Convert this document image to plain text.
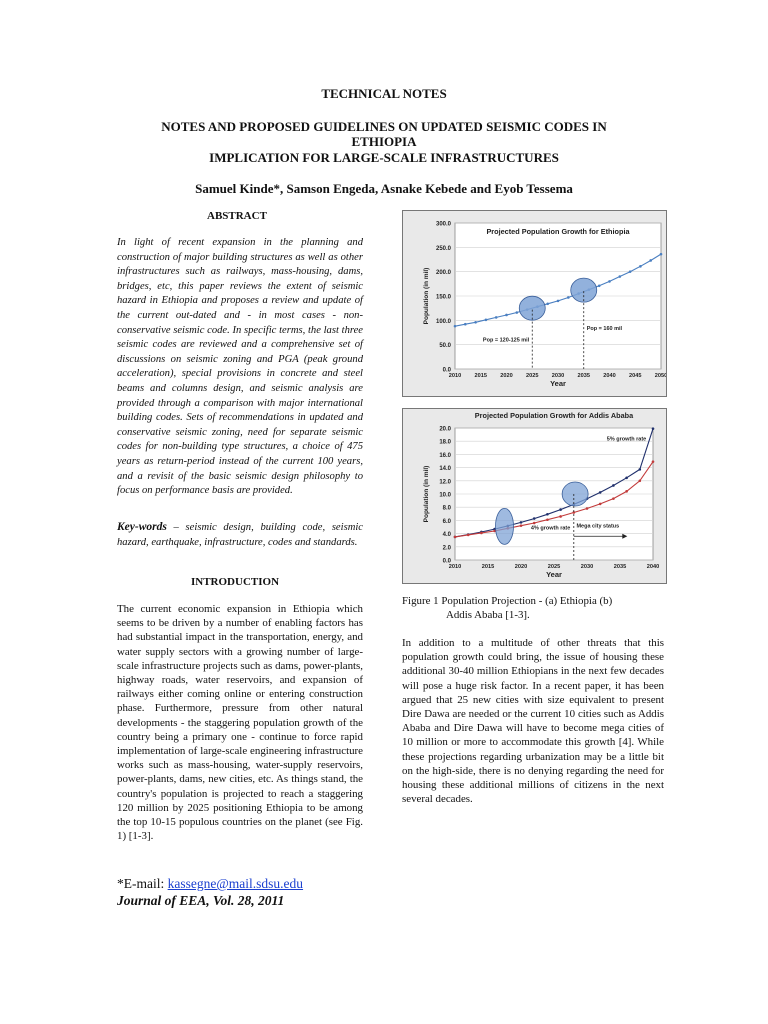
TECHNICAL NOTES
NOTES AND PROPOSED GUIDELINES ON UPDATED SEISMIC CODES IN
ETHIOPIA
IMPLICATION FOR LARGE-SCALE INFRASTRUCTURES
Samuel Kinde*, Samson Engeda, Asnake Kebede and Eyob Tessema
ABSTRACT
In light of recent expansion in the planning and construction of major building structures as well as other infrastructures such as railways, mass-housing, dams, bridges, etc, this paper reviews the extent of seismic hazard in Ethiopia and proposes a review and update of the current out-dated and - in most cases - non-conservative seismic code. In specific terms, the last three seismic codes are reviewed and a comprehensive set of discussions on seismic zoning and PGA (peak ground acceleration), special provisions in concrete and steel beams and columns design, and seismic analysis are provided through a comparison with major international building codes. Sets of recommendations in updated and conservative seismic zoning, need for separate seismic codes for non-building type structures, a choice of 475 years as return-period instead of the current 100 years, and a revisit of the basic seismic design philosophy to focus on performance basis are provided.
Key-words – seismic design, building code, seismic hazard, earthquake, infrastructure, codes and standards.
INTRODUCTION
The current economic expansion in Ethiopia which seems to be driven by a number of enabling factors has had substantial impact in the transportation, energy, and water supply sectors with a growing number of large-scale infrastructure projects such as dams, power-plants, highway roads, water reservoirs, and expansion of railways either coming online or entering construction phase. Furthermore, pressure from other natural developments - the staggering population growth of the country being a primary one - continue to force rapid implementation of large-scale engineering infrastructure works such as mass-housing, water-supply reservoirs, power-plants, dams, new cities, etc. As things stand, the country's population is projected to reach a staggering 120 million by 2025 positioning Ethiopia to be among the top 10-15 populous countries on the planet (see Fig. 1) [1-3].
*E-mail: kassegne@mail.sdsu.edu
Journal of EEA, Vol. 28, 2011
0.0
50.0
100.0
150.0
200.0
250.0
300.0
2010 2015 2020 2025 2030 2035 2040 2045 2050
Year
Population (in mil)
Projected Population Growth for Ethiopia
Pop = 120-125 mil
Pop = 160 mil
0.0
2.0
4.0
6.0
8.0
10.0
12.0
14.0
16.0
18.0
20.0
2010	2015	2020	2025	2030	2035	2040
Year
Population (in mil)
Projected Population Growth for Addis Ababa
5% growth rate
4% growth rate Mega city status
Figure 1 Population Projection - (a) Ethiopia (b)
Addis Ababa [1-3].
In addition to a multitude of other threats that this population growth could bring, the issue of housing these additional 30-40 million Ethiopians in the next few decades will pose a huge risk factor. In a recent paper, it has been argued that 25 new cities with size equivalent to present Dire Dawa are needed or the current 10 cities such as Addis Ababa and Dire Dawa will have to become mega cities of 10 million or more to accommodate this growth [4]. While these projections regarding urbanization may be a little bit on the high-side, there is no denying regarding the need for housing these additional millions of citizens in the next several decades.
